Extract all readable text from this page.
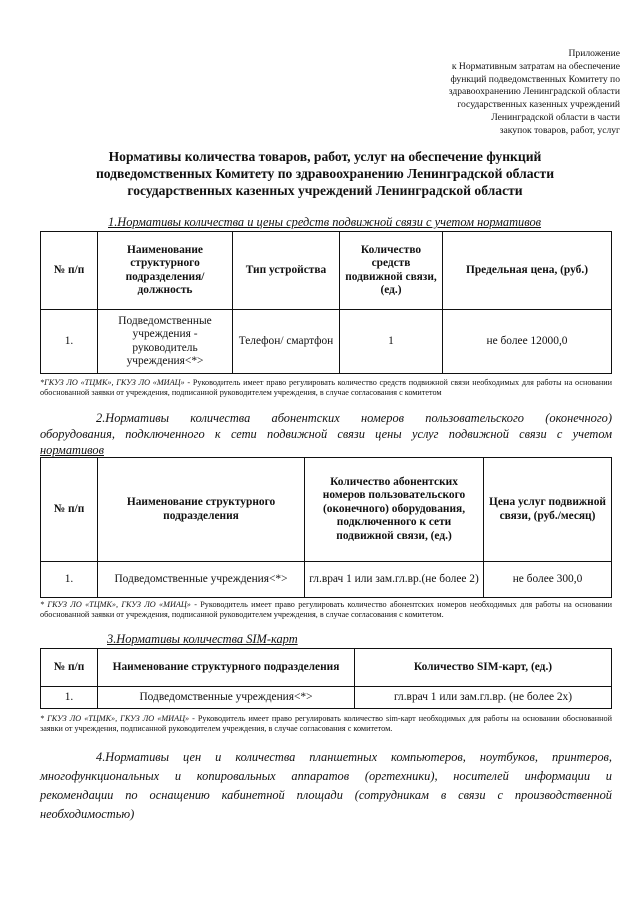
Приложение
к Нормативным затратам на обеспечение
функций подведомственных Комитету по
здравоохранению Ленинградской области
государственных казенных учреждений
Ленинградской области в части
закупок товаров, работ, услуг
Нормативы количества товаров, работ, услуг на обеспечение функций
подведомственных Комитету по здравоохранению Ленинградской области
государственных казенных учреждений Ленинградской области
1.Нормативы количества и цены средств подвижной связи с учетом нормативов
№ п/п	Наименование структурного подразделения/должность	Тип устройства	Количество средств подвижной связи, (ед.)	Предельная цена, (руб.)
1.	Подведомственные учреждения - руководитель учреждения<*>	Телефон/ смартфон	1	не более 12000,0
*ГКУЗ ЛО «ТЦМК», ГКУЗ ЛО «МИАЦ» - Руководитель имеет право регулировать количество средств подвижной связи необходимых для работы на основании обоснованной заявки от учреждения, подписанной руководителем учреждения, в случае согласования с комитетом
2.Нормативы количества абонентских номеров пользовательского (оконечного)
оборудования, подключенного к сети подвижной связи цены услуг подвижной связи с учетом
нормативов
№ п/п	Наименование структурного подразделения	Количество абонентских номеров пользовательского (оконечного) оборудования, подключенного к сети подвижной связи, (ед.)	Цена услуг подвижной связи, (руб./месяц)
1.	Подведомственные учреждения<*>	гл.врач 1 или зам.гл.вр.(не более 2)	не более 300,0
* ГКУЗ ЛО «ТЦМК», ГКУЗ ЛО «МИАЦ» - Руководитель имеет право регулировать количество абонентских номеров необходимых для работы на основании обоснованной заявки от учреждения, подписанной руководителем учреждения, в случае согласования с комитетом.
3.Нормативы количества SIM-карт
№ п/п	Наименование структурного подразделения	Количество SIM-карт, (ед.)
1.	Подведомственные учреждения<*>	гл.врач 1 или зам.гл.вр. (не более 2х)
* ГКУЗ ЛО «ТЦМК», ГКУЗ ЛО «МИАЦ» - Руководитель имеет право регулировать количество sim-карт необходимых для работы на основании обоснованной заявки от учреждения, подписанной руководителем учреждения, в случае согласования с комитетом.
4.Нормативы цен и количества планшетных компьютеров, ноутбуков, принтеров,
многофункциональных и копировальных аппаратов (оргтехники), носителей информации и
рекомендации по оснащению кабинетной площади (сотрудникам в связи с производственной
необходимостью)
